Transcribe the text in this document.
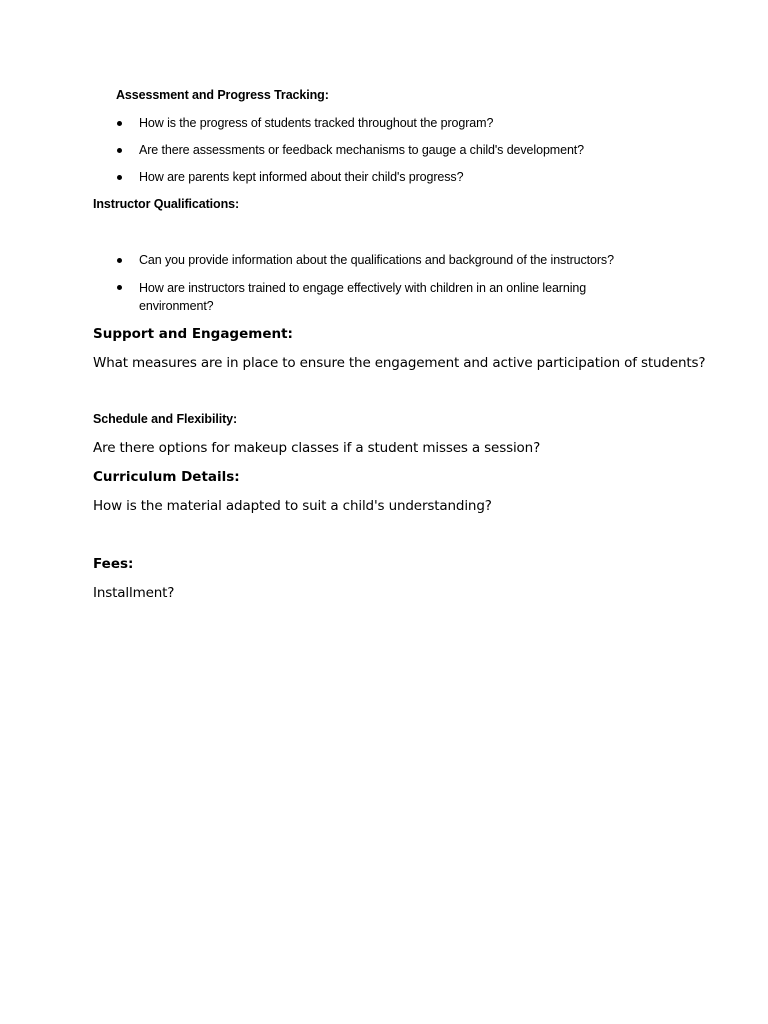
Assessment and Progress Tracking:
How is the progress of students tracked throughout the program?
Are there assessments or feedback mechanisms to gauge a child's development?
How are parents kept informed about their child's progress?
Instructor Qualifications:
Can you provide information about the qualifications and background of the instructors?
How are instructors trained to engage effectively with children in an online learning environment?
Support and Engagement:
What measures are in place to ensure the engagement and active participation of students?
Schedule and Flexibility:
Are there options for makeup classes if a student misses a session?
Curriculum Details:
How is the material adapted to suit a child's understanding?
Fees:
Installment?
